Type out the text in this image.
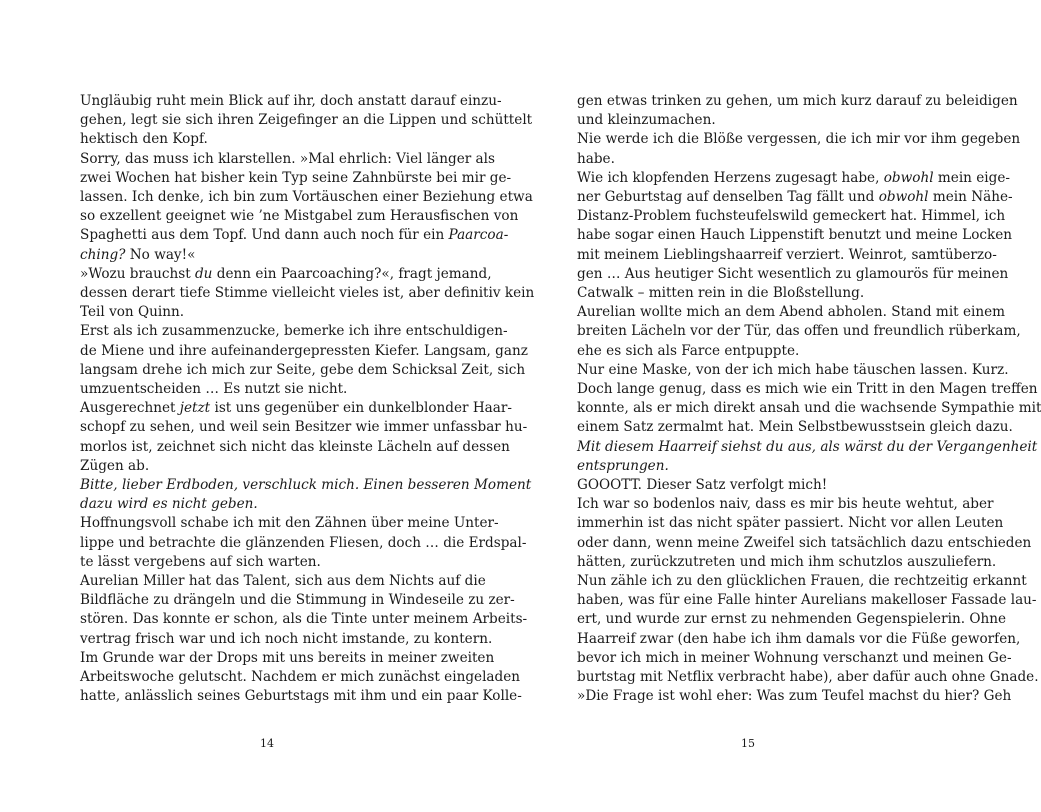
Ungläubig ruht mein Blick auf ihr, doch anstatt darauf einzu-
gehen, legt sie sich ihren Zeigefinger an die Lippen und schüttelt
hektisch den Kopf.
Sorry, das muss ich klarstellen. »Mal ehrlich: Viel länger als
zwei Wochen hat bisher kein Typ seine Zahnbürste bei mir ge-
lassen. Ich denke, ich bin zum Vortäuschen einer Beziehung etwa
so exzellent geeignet wie ’ne Mistgabel zum Herausfischen von
Spaghetti aus dem Topf. Und dann auch noch für ein Paarcoa-
ching? No way!«
»Wozu brauchst du denn ein Paarcoaching?«, fragt jemand,
dessen derart tiefe Stimme vielleicht vieles ist, aber definitiv kein
Teil von Quinn.
Erst als ich zusammenzucke, bemerke ich ihre entschuldigen-
de Miene und ihre aufeinandergepressten Kiefer. Langsam, ganz
langsam drehe ich mich zur Seite, gebe dem Schicksal Zeit, sich
umzuentscheiden … Es nutzt sie nicht.
Ausgerechnet jetzt ist uns gegenüber ein dunkelblonder Haar-
schopf zu sehen, und weil sein Besitzer wie immer unfassbar hu-
morlos ist, zeichnet sich nicht das kleinste Lächeln auf dessen
Zügen ab.
Bitte, lieber Erdboden, verschluck mich. Einen besseren Moment
dazu wird es nicht geben.
Hoffnungsvoll schabe ich mit den Zähnen über meine Unter-
lippe und betrachte die glänzenden Fliesen, doch … die Erdspal-
te lässt vergebens auf sich warten.
Aurelian Miller hat das Talent, sich aus dem Nichts auf die
Bildfläche zu drängeln und die Stimmung in Windeseile zu zer-
stören. Das konnte er schon, als die Tinte unter meinem Arbeits-
vertrag frisch war und ich noch nicht imstande, zu kontern.
Im Grunde war der Drops mit uns bereits in meiner zweiten
Arbeitswoche gelutscht. Nachdem er mich zunächst eingeladen
hatte, anlässlich seines Geburtstags mit ihm und ein paar Kolle-
14
gen etwas trinken zu gehen, um mich kurz darauf zu beleidigen
und kleinzumachen.
Nie werde ich die Blöße vergessen, die ich mir vor ihm gegeben
habe.
Wie ich klopfenden Herzens zugesagt habe, obwohl mein eige-
ner Geburtstag auf denselben Tag fällt und obwohl mein Nähe-
Distanz-Problem fuchsteufelswild gemeckert hat. Himmel, ich
habe sogar einen Hauch Lippenstift benutzt und meine Locken
mit meinem Lieblingshaarreif verziert. Weinrot, samtüberzo-
gen … Aus heutiger Sicht wesentlich zu glamourös für meinen
Catwalk – mitten rein in die Bloßstellung.
Aurelian wollte mich an dem Abend abholen. Stand mit einem
breiten Lächeln vor der Tür, das offen und freundlich rüberkam,
ehe es sich als Farce entpuppte.
Nur eine Maske, von der ich mich habe täuschen lassen. Kurz.
Doch lange genug, dass es mich wie ein Tritt in den Magen treffen
konnte, als er mich direkt ansah und die wachsende Sympathie mit
einem Satz zermalmt hat. Mein Selbstbewusstsein gleich dazu.
Mit diesem Haarreif siehst du aus, als wärst du der Vergangenheit
entsprungen.
GOOOTT. Dieser Satz verfolgt mich!
Ich war so bodenlos naiv, dass es mir bis heute wehtut, aber
immerhin ist das nicht später passiert. Nicht vor allen Leuten
oder dann, wenn meine Zweifel sich tatsächlich dazu entschieden
hätten, zurückzutreten und mich ihm schutzlos auszuliefern.
Nun zähle ich zu den glücklichen Frauen, die rechtzeitig erkannt
haben, was für eine Falle hinter Aurelians makelloser Fassade lau-
ert, und wurde zur ernst zu nehmenden Gegenspielerin. Ohne
Haarreif zwar (den habe ich ihm damals vor die Füße geworfen,
bevor ich mich in meiner Wohnung verschanzt und meinen Ge-
burtstag mit Netflix verbracht habe), aber dafür auch ohne Gnade.
»Die Frage ist wohl eher: Was zum Teufel machst du hier? Geh
15
